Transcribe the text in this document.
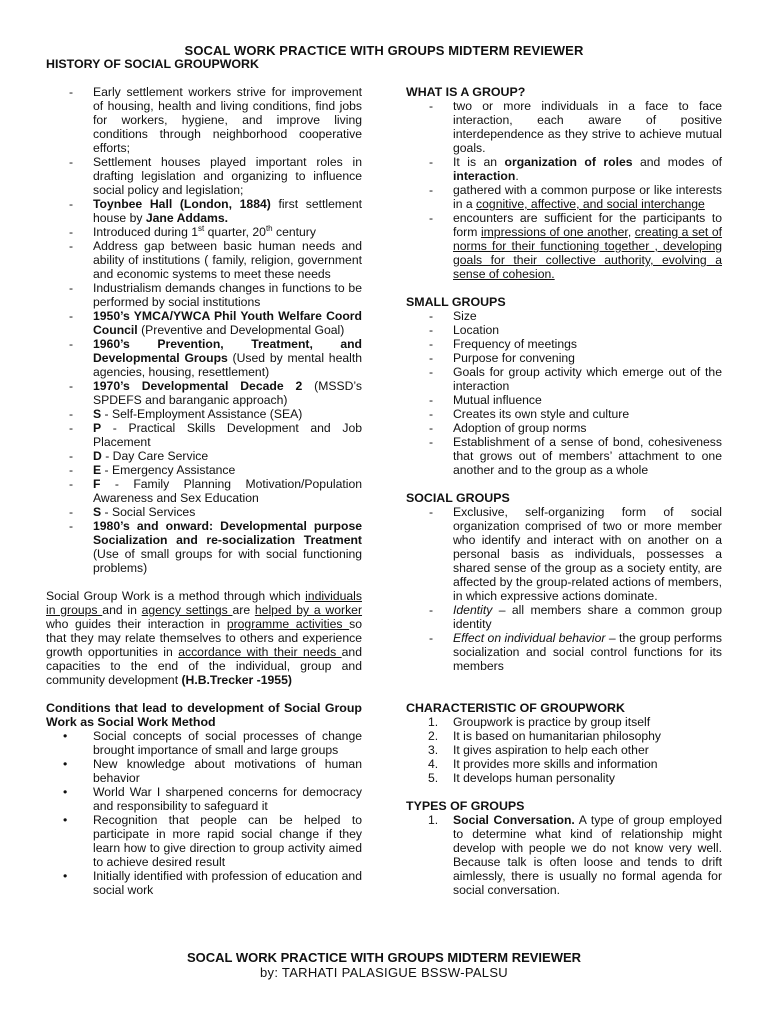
SOCAL WORK PRACTICE WITH GROUPS MIDTERM REVIEWER
HISTORY OF SOCIAL GROUPWORK
- Early settlement workers strive for improvement of housing, health and living conditions, find jobs for workers, hygiene, and improve living conditions through neighborhood cooperative efforts;
- Settlement houses played important roles in drafting legislation and organizing to influence social policy and legislation;
- Toynbee Hall (London, 1884) first settlement house by Jane Addams.
- Introduced during 1st quarter, 20th century
- Address gap between basic human needs and ability of institutions ( family, religion, government and economic systems to meet these needs
- Industrialism demands changes in functions to be performed by social institutions
- 1950’s YMCA/YWCA Phil Youth Welfare Coord Council (Preventive and Developmental Goal)
- 1960’s Prevention, Treatment, and Developmental Groups (Used by mental health agencies, housing, resettlement)
- 1970’s Developmental Decade 2 (MSSD’s SPDEFS and baranganic approach)
- S - Self-Employment Assistance (SEA)
- P - Practical Skills Development and Job Placement
- D - Day Care Service
- E - Emergency Assistance
- F - Family Planning Motivation/Population Awareness and Sex Education
- S - Social Services
- 1980’s and onward: Developmental purpose Socialization and re-socialization Treatment (Use of small groups for with social functioning problems)

Social Group Work is a method through which individuals in groups and in agency settings are helped by a worker who guides their interaction in programme activities so that they may relate themselves to others and experience growth opportunities in accordance with their needs and capacities to the end of the individual, group and community development (H.B.Trecker -1955)

Conditions that lead to development of Social Group Work as Social Work Method
• Social concepts of social processes of change brought importance of small and large groups
• New knowledge about motivations of human behavior
• World War I sharpened concerns for democracy and responsibility to safeguard it
• Recognition that people can be helped to participate in more rapid social change if they learn how to give direction to group activity aimed to achieve desired result
• Initially identified with profession of education and social work
WHAT IS A GROUP?
- two or more individuals in a face to face interaction, each aware of positive interdependence as they strive to achieve mutual goals.
- It is an organization of roles and modes of interaction.
- gathered with a common purpose or like interests in a cognitive, affective, and social interchange
- encounters are sufficient for the participants to form impressions of one another, creating a set of norms for their functioning together , developing goals for their collective authority, evolving a sense of cohesion.
SMALL GROUPS
- Size
- Location
- Frequency of meetings
- Purpose for convening
- Goals for group activity which emerge out of the interaction
- Mutual influence
- Creates its own style and culture
- Adoption of group norms
- Establishment of a sense of bond, cohesiveness that grows out of members’ attachment to one another and to the group as a whole
SOCIAL GROUPS
- Exclusive, self-organizing form of social organization comprised of two or more member who identify and interact with on another on a personal basis as individuals, possesses a shared sense of the group as a society entity, are affected by the group-related actions of members, in which expressive actions dominate.
- Identity – all members share a common group identity
- Effect on individual behavior – the group performs socialization and social control functions for its members
CHARACTERISTIC OF GROUPWORK
1. Groupwork is practice by group itself
2. It is based on humanitarian philosophy
3. It gives aspiration to help each other
4. It provides more skills and information
5. It develops human personality
TYPES OF GROUPS
1. Social Conversation. A type of group employed to determine what kind of relationship might develop with people we do not know very well. Because talk is often loose and tends to drift aimlessly, there is usually no formal agenda for social conversation.
SOCAL WORK PRACTICE WITH GROUPS MIDTERM REVIEWER
by: TARHATI PALASIGUE BSSW-PALSU
